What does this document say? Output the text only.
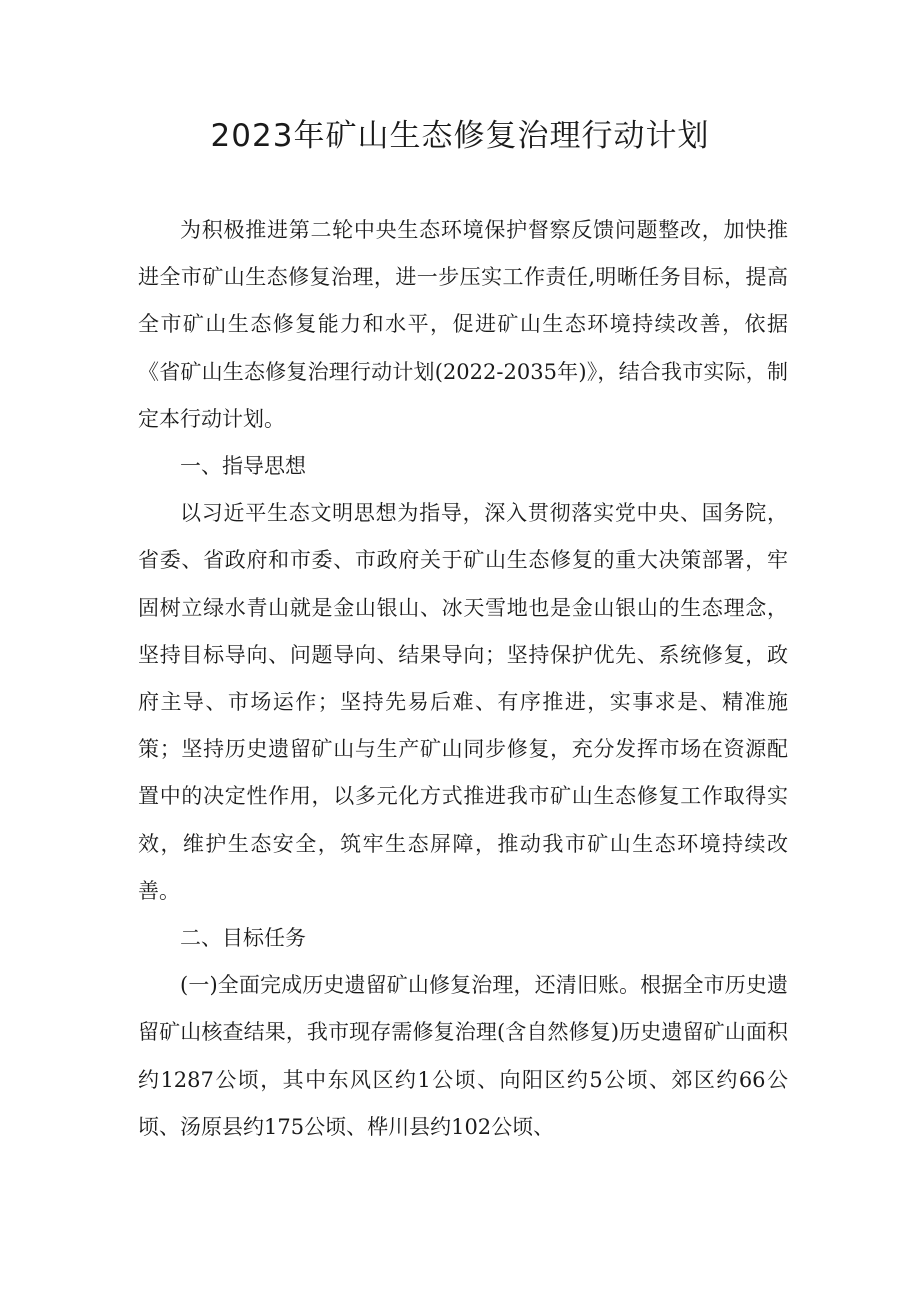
2023年矿山生态修复治理行动计划

为积极推进第二轮中央生态环境保护督察反馈问题整改，加快推进全市矿山生态修复治理，进一步压实工作责任,明晰任务目标，提高全市矿山生态修复能力和水平，促进矿山生态环境持续改善，依据《省矿山生态修复治理行动计划(2022-2035年)》，结合我市实际，制定本行动计划。

一、指导思想

以习近平生态文明思想为指导，深入贯彻落实党中央、国务院，省委、省政府和市委、市政府关于矿山生态修复的重大决策部署，牢固树立绿水青山就是金山银山、冰天雪地也是金山银山的生态理念，坚持目标导向、问题导向、结果导向；坚持保护优先、系统修复，政府主导、市场运作；坚持先易后难、有序推进，实事求是、精准施策；坚持历史遗留矿山与生产矿山同步修复，充分发挥市场在资源配置中的决定性作用，以多元化方式推进我市矿山生态修复工作取得实效，维护生态安全，筑牢生态屏障，推动我市矿山生态环境持续改善。

二、目标任务

(一)全面完成历史遗留矿山修复治理，还清旧账。根据全市历史遗留矿山核查结果，我市现存需修复治理(含自然修复)历史遗留矿山面积约1287公顷，其中东风区约1公顷、向阳区约5公顷、郊区约66公顷、汤原县约175公顷、桦川县约102公顷、
